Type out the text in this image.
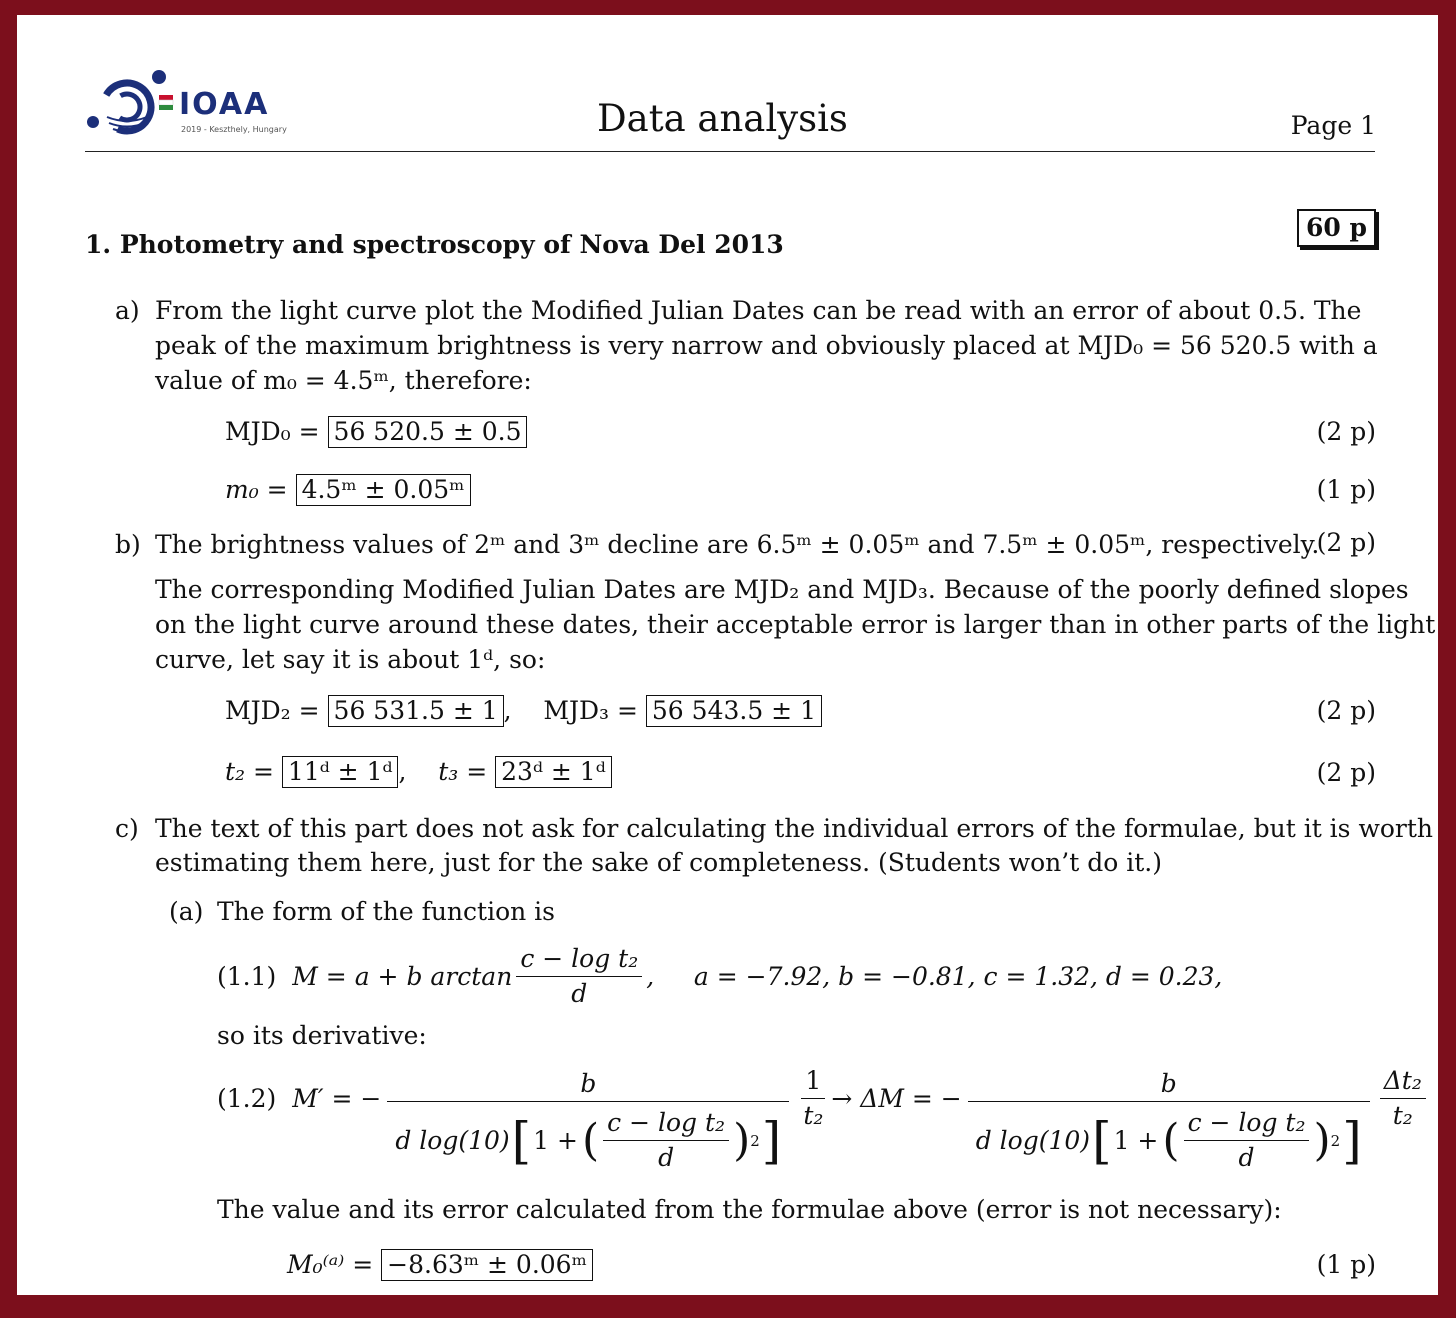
IOAA
2019 - Keszthely, Hungary	Data analysis	Page 1
1. Photometry and spectroscopy of Nova Del 2013
60 p
a) From the light curve plot the Modified Julian Dates can be read with an error of about 0.5. The
peak of the maximum brightness is very narrow and obviously placed at MJD₀ = 56 520.5 with a
value of m₀ = 4.5ᵐ, therefore:
MJD₀ = 56 520.5 ± 0.5	(2 p)
m₀ = 4.5ᵐ ± 0.05ᵐ	(1 p)
b) The brightness values of 2ᵐ and 3ᵐ decline are 6.5ᵐ ± 0.05ᵐ and 7.5ᵐ ± 0.05ᵐ, respectively.
(2 p)
The corresponding Modified Julian Dates are MJD₂ and MJD₃. Because of the poorly defined slopes
on the light curve around these dates, their acceptable error is larger than in other parts of the light
curve, let say it is about 1ᵈ, so:
MJD₂ = 56 531.5 ± 1 ,    MJD₃ = 56 543.5 ± 1	(2 p)
t₂ = 11ᵈ ± 1ᵈ ,    t₃ = 23ᵈ ± 1ᵈ	(2 p)
c) The text of this part does not ask for calculating the individual errors of the formulae, but it is worth
estimating them here, just for the sake of completeness. (Students won’t do it.)
(a) The form of the function is
(1.1) M = a + b $\arctan \frac{\text{c − log t₂}}{d}$ ,     a = −7.92, b = −0.81, c = 1.32, d = 0.23,
so its derivative:
(1.2) M′ = −	b
d log(10) [ 1 + ( $\frac{\text{c − log t₂}}{d}$ ) 2 ]
$\frac{1}{\text{t₂}} \to \Delta M$ = −	b
d log(10) [ 1 + ( $\frac{\text{c − log t₂}}{d}$ ) 2 ]
$\frac{\text{Δt₂}}{\text{t₂}}$
The value and its error calculated from the formulae above (error is not necessary):
M₀⁽ᵃ⁾ = −8.63ᵐ ± 0.06ᵐ	(1 p)
